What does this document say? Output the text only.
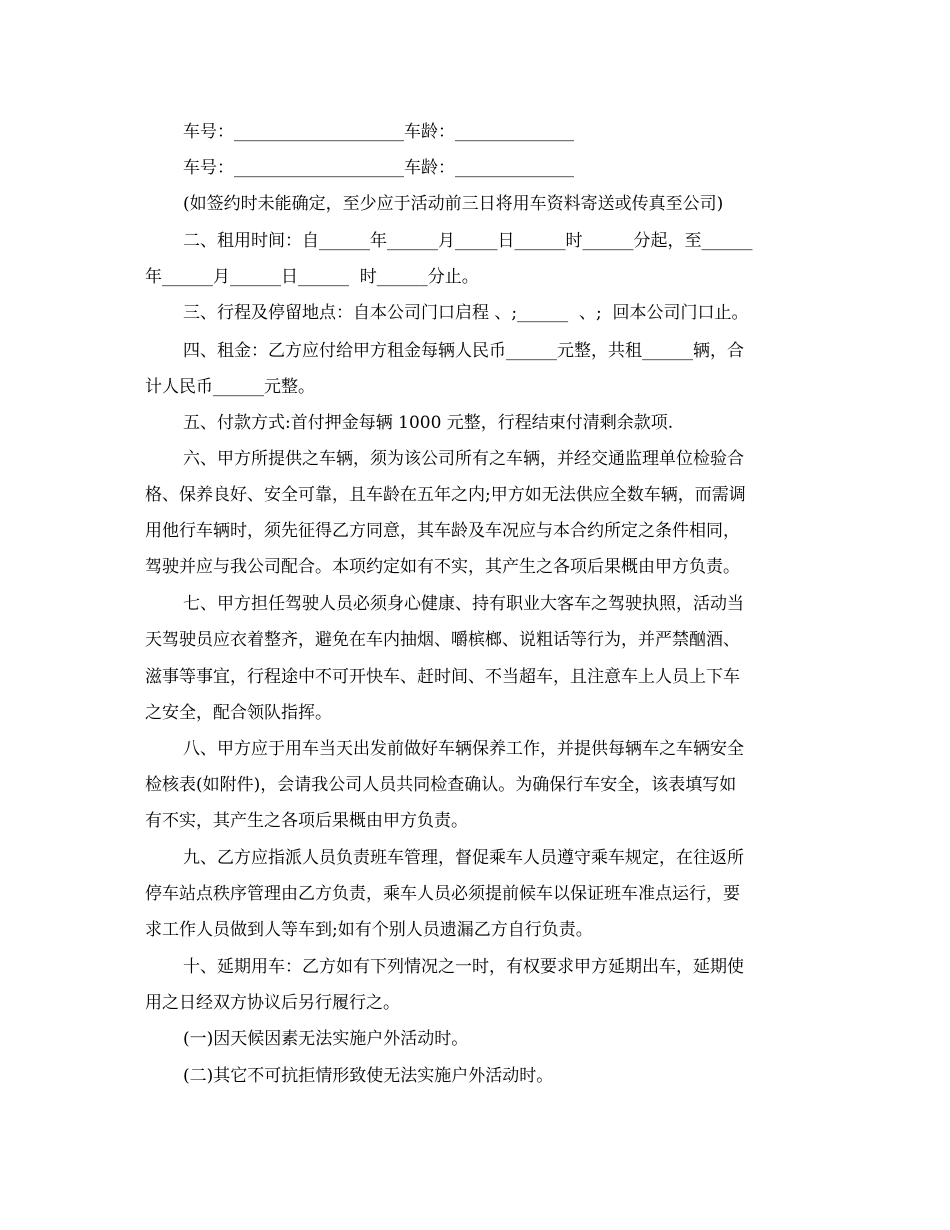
车号：____________________车龄：______________
车号：____________________车龄：______________
(如签约时未能确定，至少应于活动前三日将用车资料寄送或传真至公司)
二、租用时间：自______年______月_____日______时______分起，至______
年______月______日______  时______分止。
三、行程及停留地点：自本公司门口启程 、;______  、;  回本公司门口止。
四、租金：乙方应付给甲方租金每辆人民币______元整，共租______辆，合
计人民币______元整。
五、付款方式:首付押金每辆 1000 元整，行程结束付清剩余款项.
六、甲方所提供之车辆，须为该公司所有之车辆，并经交通监理单位检验合
格、保养良好、安全可靠，且车龄在五年之内;甲方如无法供应全数车辆，而需调
用他行车辆时，须先征得乙方同意，其车龄及车况应与本合约所定之条件相同，
驾驶并应与我公司配合。本项约定如有不实，其产生之各项后果概由甲方负责。
七、甲方担任驾驶人员必须身心健康、持有职业大客车之驾驶执照，活动当
天驾驶员应衣着整齐，避免在车内抽烟、嚼槟榔、说粗话等行为，并严禁酗酒、
滋事等事宜，行程途中不可开快车、赶时间、不当超车，且注意车上人员上下车
之安全，配合领队指挥。
八、甲方应于用车当天出发前做好车辆保养工作，并提供每辆车之车辆安全
检核表(如附件)，会请我公司人员共同检查确认。为确保行车安全，该表填写如
有不实，其产生之各项后果概由甲方负责。
九、乙方应指派人员负责班车管理，督促乘车人员遵守乘车规定，在往返所
停车站点秩序管理由乙方负责，乘车人员必须提前候车以保证班车准点运行，要
求工作人员做到人等车到;如有个别人员遗漏乙方自行负责。
十、延期用车：乙方如有下列情况之一时，有权要求甲方延期出车，延期使
用之日经双方协议后另行履行之。
(一)因天候因素无法实施户外活动时。
(二)其它不可抗拒情形致使无法实施户外活动时。
